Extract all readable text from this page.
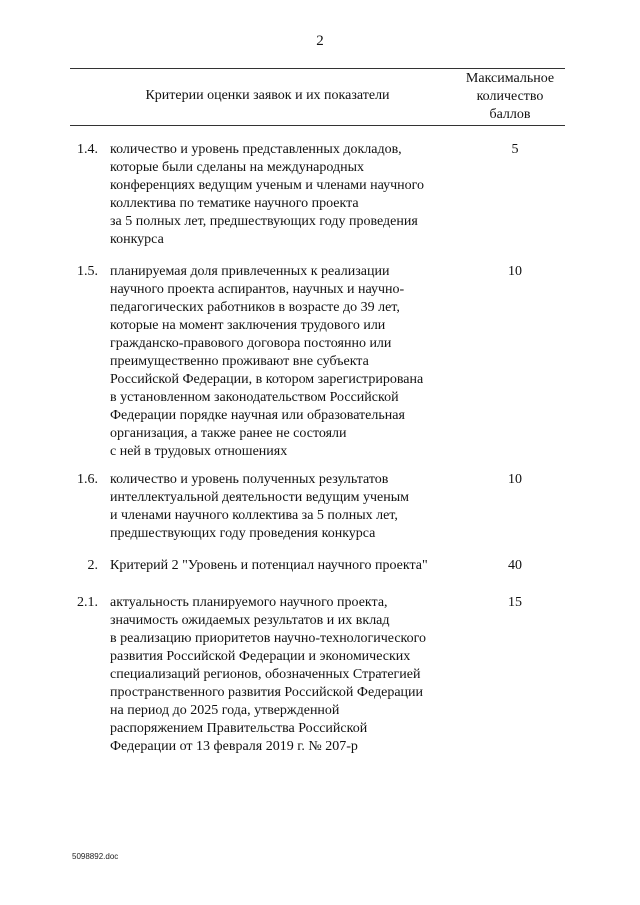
2
Критерии оценки заявок и их показатели
Максимальное
количество
баллов
1.4. количество и уровень представленных докладов,
которые были сделаны на международных
конференциях ведущим ученым и членами научного
коллектива по тематике научного проекта
за 5 полных лет, предшествующих году проведения
конкурса
5
1.5. планируемая доля привлеченных к реализации
научного проекта аспирантов, научных и научно-
педагогических работников в возрасте до 39 лет,
которые на момент заключения трудового или
гражданско-правового договора постоянно или
преимущественно проживают вне субъекта
Российской Федерации, в котором зарегистрирована
в установленном законодательством Российской
Федерации порядке научная или образовательная
организация, а также ранее не состояли
с ней в трудовых отношениях
10
1.6. количество и уровень полученных результатов
интеллектуальной деятельности ведущим ученым
и членами научного коллектива за 5 полных лет,
предшествующих году проведения конкурса
10
2. Критерий 2 "Уровень и потенциал научного проекта"	40
2.1. актуальность планируемого научного проекта,
значимость ожидаемых результатов и их вклад
в реализацию приоритетов научно-технологического
развития Российской Федерации и экономических
специализаций регионов, обозначенных Стратегией
пространственного развития Российской Федерации
на период до 2025 года, утвержденной
распоряжением Правительства Российской
Федерации от 13 февраля 2019 г. № 207-р
15
5098892.doc
